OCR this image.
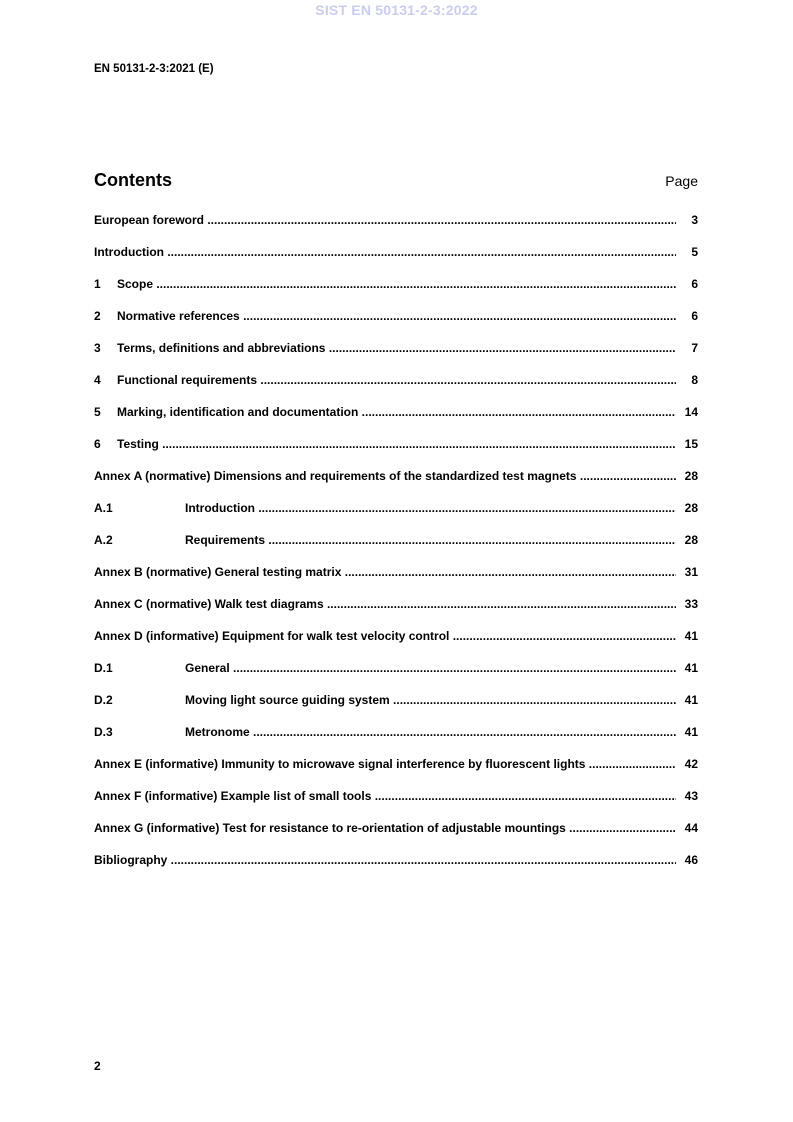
SIST EN 50131-2-3:2022
EN 50131-2-3:2021 (E)
Contents	Page
European foreword .....	3
Introduction .....	5
1 Scope .....	6
2 Normative references .....	6
3 Terms, definitions and abbreviations .....	7
4 Functional requirements .....	8
5 Marking, identification and documentation .....	14
6 Testing .....	15
Annex A (normative) Dimensions and requirements of the standardized test magnets .....	28
A.1	Introduction .....	28
A.2	Requirements .....	28
Annex B (normative) General testing matrix .....	31
Annex C (normative) Walk test diagrams .....	33
Annex D (informative) Equipment for walk test velocity control .....	41
D.1	General .....	41
D.2	Moving light source guiding system .....	41
D.3	Metronome .....	41
Annex E (informative) Immunity to microwave signal interference by fluorescent lights .....	42
Annex F (informative) Example list of small tools .....	43
Annex G (informative) Test for resistance to re-orientation of adjustable mountings .....	44
Bibliography .....	46
2
